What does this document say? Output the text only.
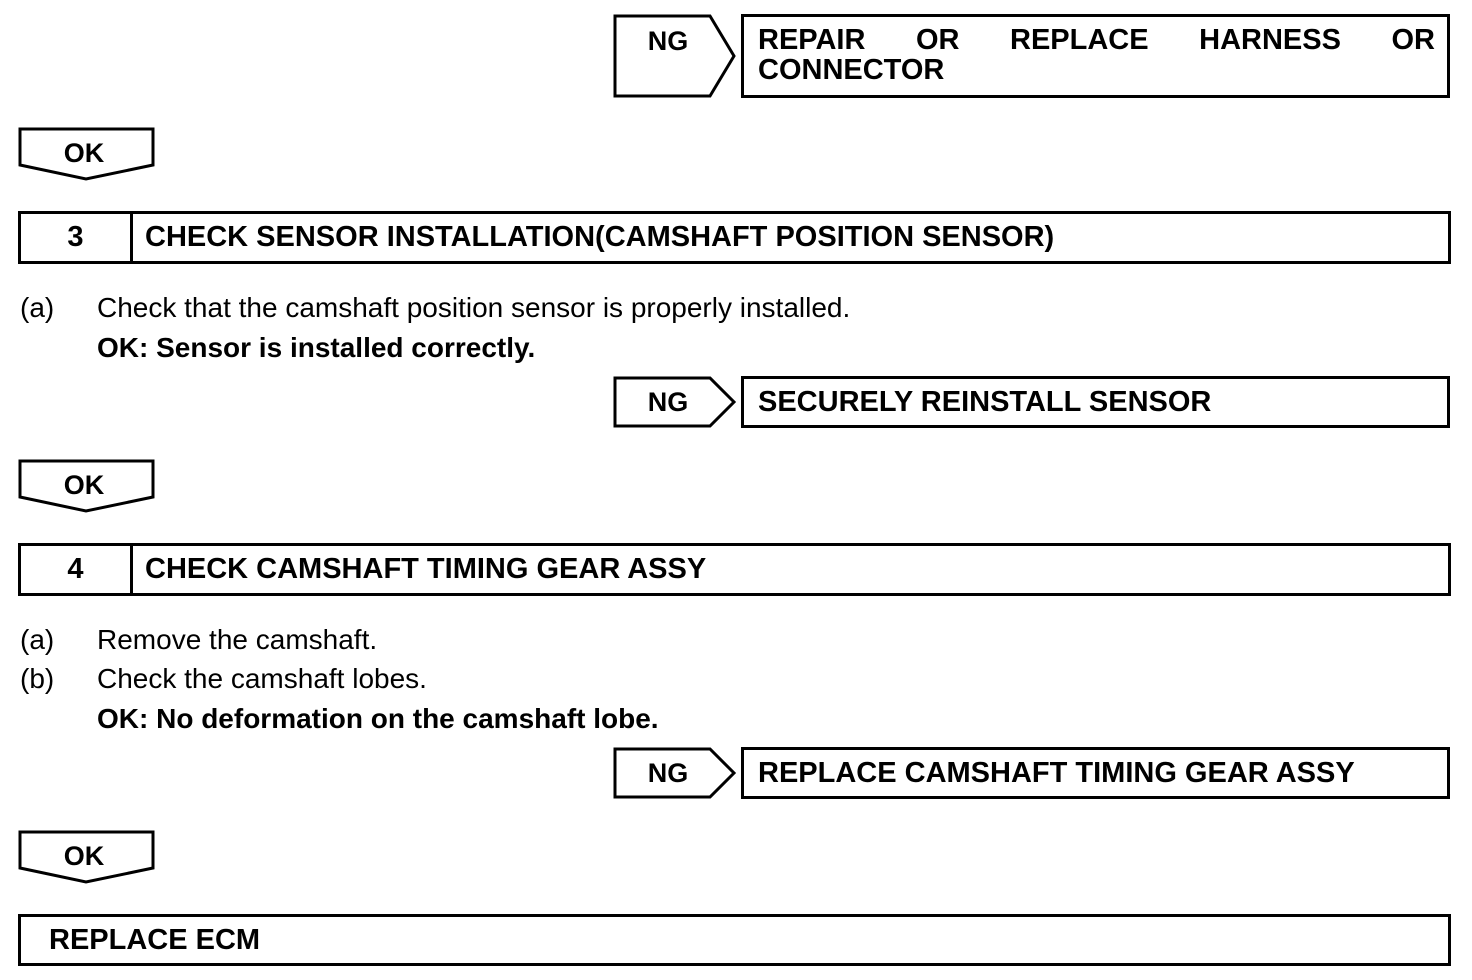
NG	REPAIR OR REPLACE HARNESS OR
CONNECTOR
OK
3	CHECK SENSOR INSTALLATION(CAMSHAFT POSITION SENSOR)
(a) Check that the camshaft position sensor is properly installed.
OK: Sensor is installed correctly.
NG	SECURELY REINSTALL SENSOR
OK
4	CHECK CAMSHAFT TIMING GEAR ASSY
(a) Remove the camshaft.
(b) Check the camshaft lobes.
OK: No deformation on the camshaft lobe.
NG	REPLACE CAMSHAFT TIMING GEAR ASSY
OK
REPLACE ECM
